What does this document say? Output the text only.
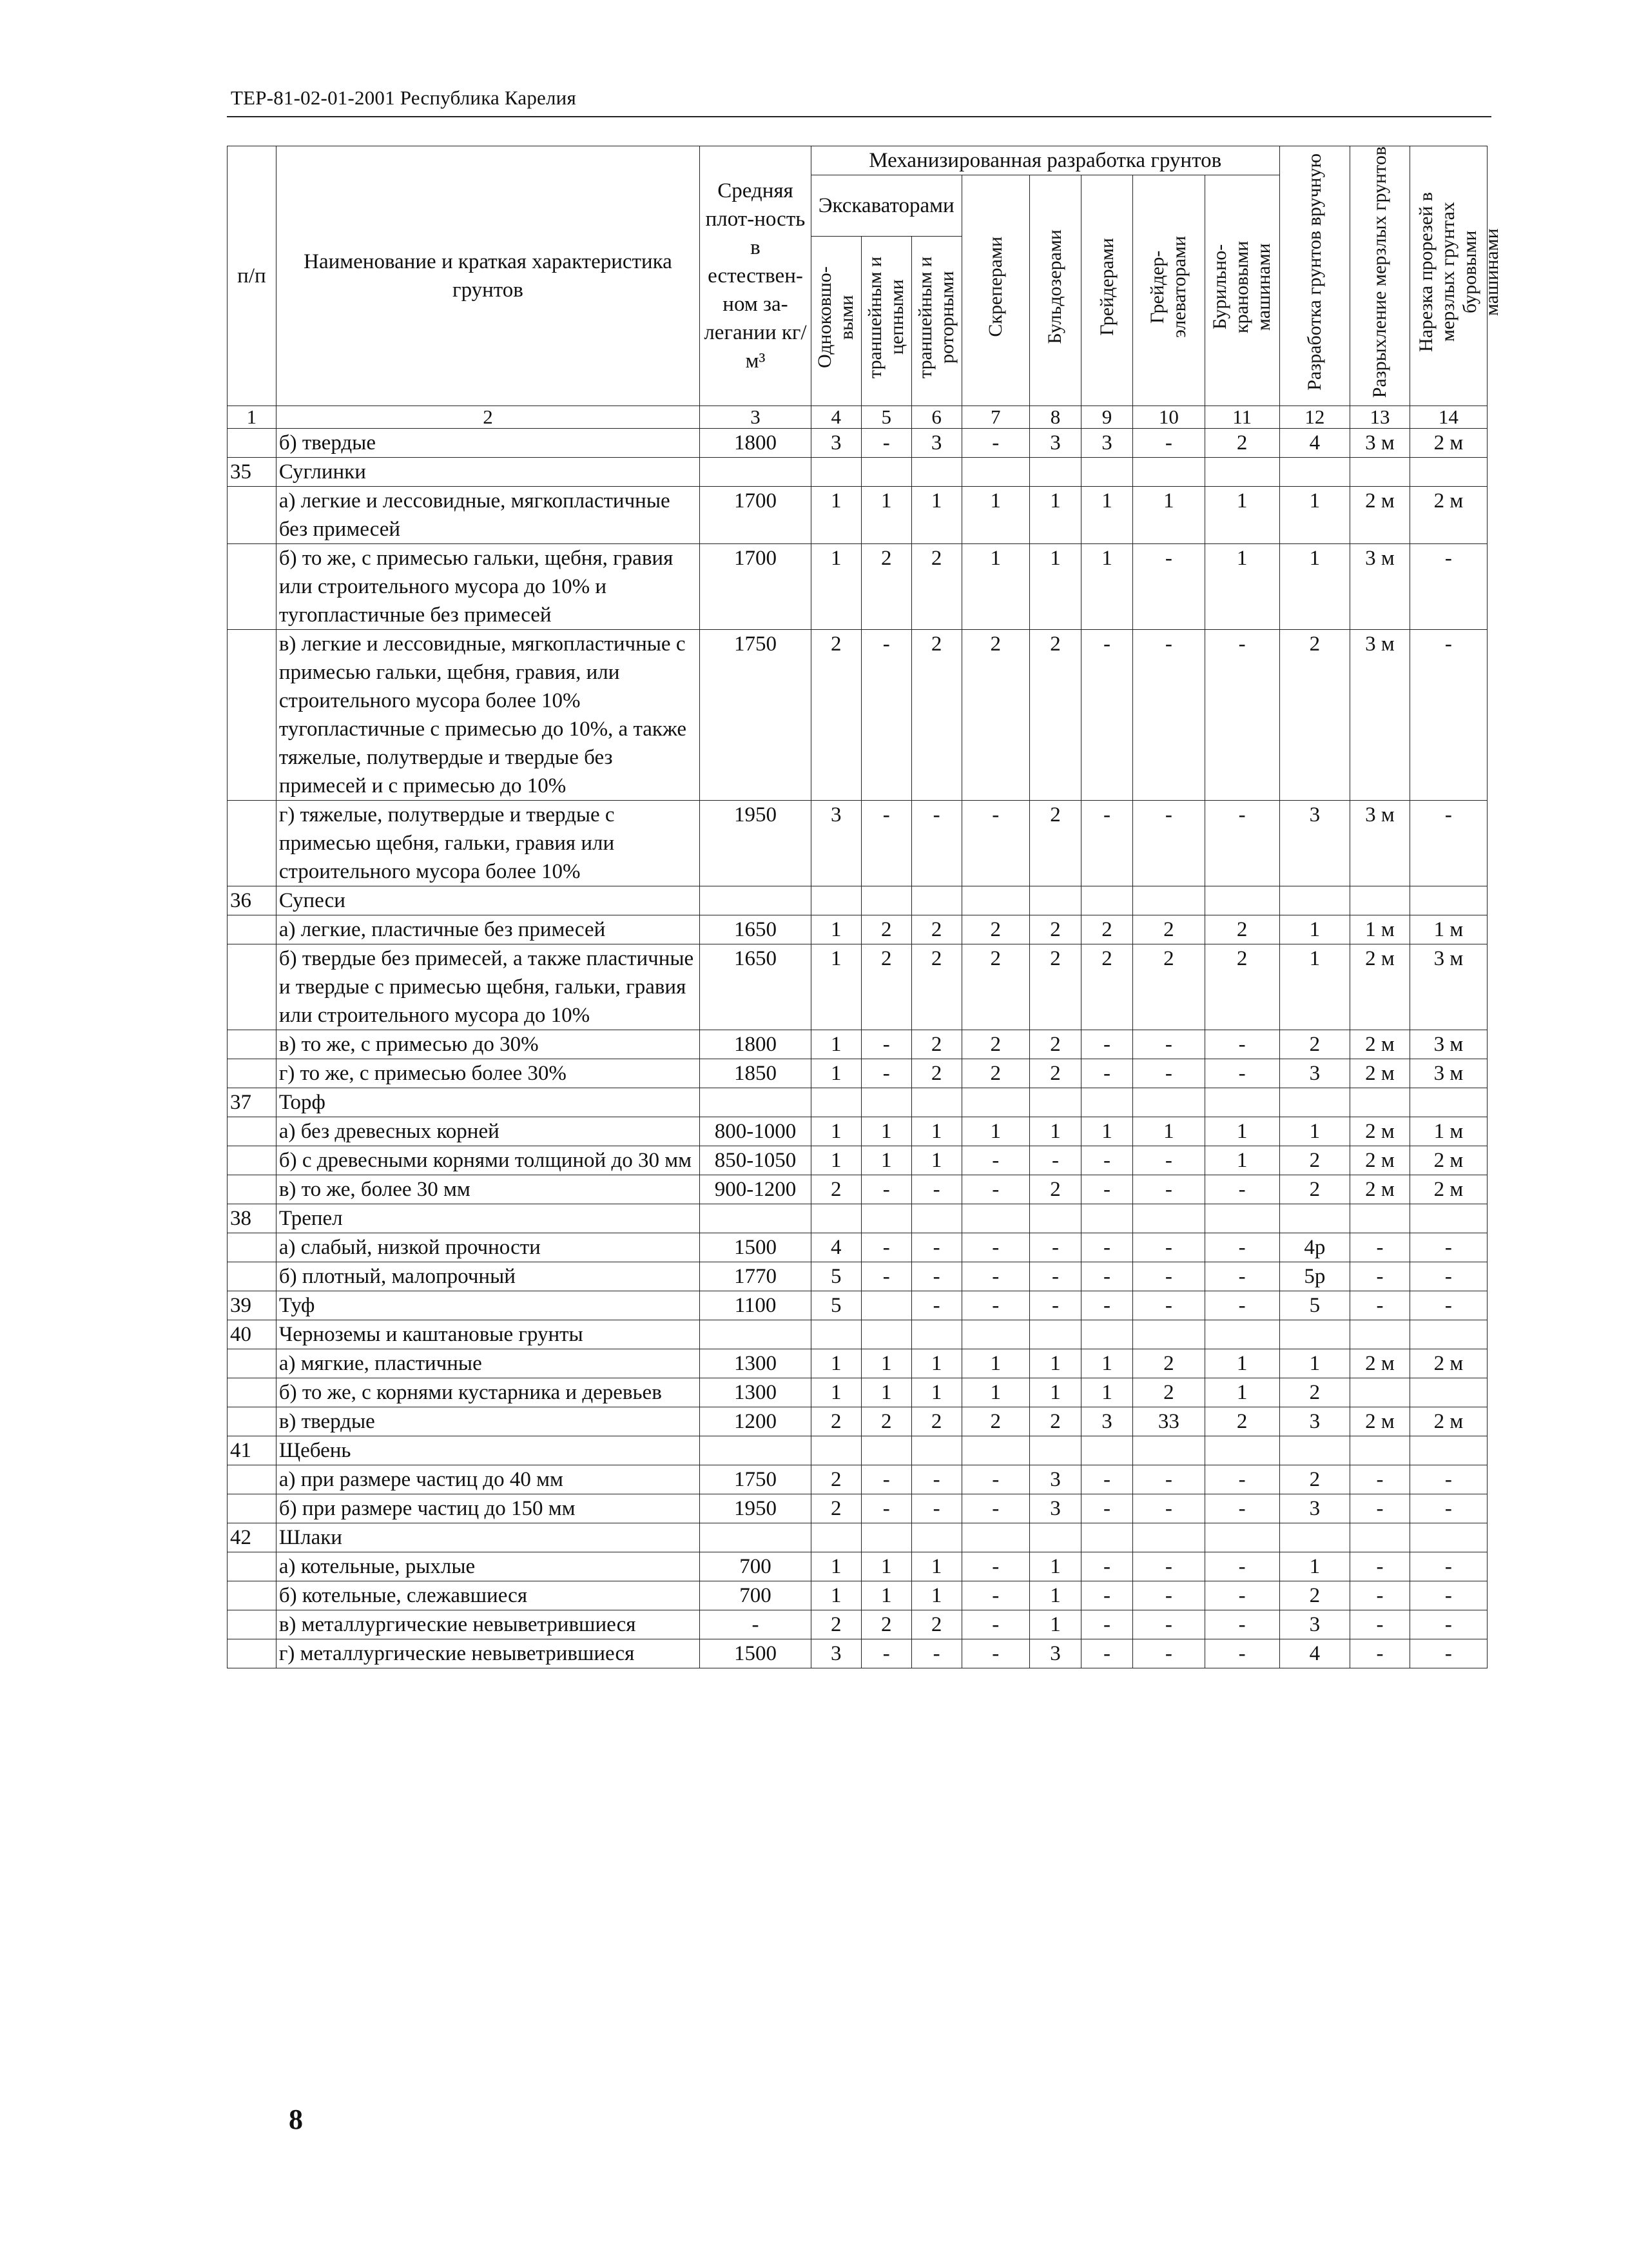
ТЕР-81-02-01-2001 Республика Карелия
п/п	Наименование и краткая характеристика грунтов	Средняя плот-ность в естествен-ном за-легании кг/м³	Механизированная разработка грунтов								Разработка грунтов вручную	Разрыхление мерзлых грунтов	Нарезка прорезей в мерзлых грунтах буровыми машинами
			Экскаваторами			Скреперами	Бульдозерами	Грейдерами	Грейдер-элеваторами	Бурильно-крановыми машинами			
			Одноковшо-выми	траншейным и цепными	траншейным и роторными								
1	2	3	4	5	6	7	8	9	10	11	12	13	14
	б) твердые	1800	3	-	3	-	3	3	-	2	4	3 м	2 м
35	Суглинки												
	а) легкие и лессовидные, мягкопластичные без примесей	1700	1	1	1	1	1	1	1	1	1	2 м	2 м
	б) то же, с примесью гальки, щебня, гравия или строительного мусора до 10% и тугопластичные без примесей	1700	1	2	2	1	1	1	-	1	1	3 м	-
	в) легкие и лессовидные, мягкопластичные с примесью гальки, щебня, гравия, или строительного мусора более 10% тугопластичные с примесью до 10%, а также тяжелые, полутвердые и твердые без примесей и с примесью до 10%	1750	2	-	2	2	2	-	-	-	2	3 м	-
	г) тяжелые, полутвердые и твердые с примесью щебня, гальки, гравия или строительного мусора более 10%	1950	3	-	-	-	2	-	-	-	3	3 м	-
36	Супеси												
	а) легкие, пластичные без примесей	1650	1	2	2	2	2	2	2	2	1	1 м	1 м
	б) твердые без примесей, а также пластичные и твердые с примесью щебня, гальки, гравия или строительного мусора до 10%	1650	1	2	2	2	2	2	2	2	1	2 м	3 м
	в) то же, с примесью до 30%	1800	1	-	2	2	2	-	-	-	2	2 м	3 м
	г) то же, с примесью более 30%	1850	1	-	2	2	2	-	-	-	3	2 м	3 м
37	Торф												
	а) без древесных корней	800-1000	1	1	1	1	1	1	1	1	1	2 м	1 м
	б) с древесными корнями толщиной до 30 мм	850-1050	1	1	1	-	-	-	-	1	2	2 м	2 м
	в) то же, более 30 мм	900-1200	2	-	-	-	2	-	-	-	2	2 м	2 м
38	Трепел												
	а) слабый, низкой прочности	1500	4	-	-	-	-	-	-	-	4р	-	-
	б) плотный, малопрочный	1770	5	-	-	-	-	-	-	-	5р	-	-
39	Туф	1100	5		-	-	-	-	-	-	5	-	-
40	Черноземы и каштановые грунты												
	а) мягкие, пластичные	1300	1	1	1	1	1	1	2	1	1	2 м	2 м
	б) то же, с корнями кустарника и деревьев	1300	1	1	1	1	1	1	2	1	2		
	в) твердые	1200	2	2	2	2	2	3	33	2	3	2 м	2 м
41	Щебень												
	а) при размере частиц до 40 мм	1750	2	-	-	-	3	-	-	-	2	-	-
	б) при размере частиц до 150 мм	1950	2	-	-	-	3	-	-	-	3	-	-
42	Шлаки												
	а) котельные, рыхлые	700	1	1	1	-	1	-	-	-	1	-	-
	б) котельные, слежавшиеся	700	1	1	1	-	1	-	-	-	2	-	-
	в) металлургические невыветрившиеся	-	2	2	2	-	1	-	-	-	3	-	-
	г) металлургические невыветрившиеся	1500	3	-	-	-	3	-	-	-	4	-	-
8
